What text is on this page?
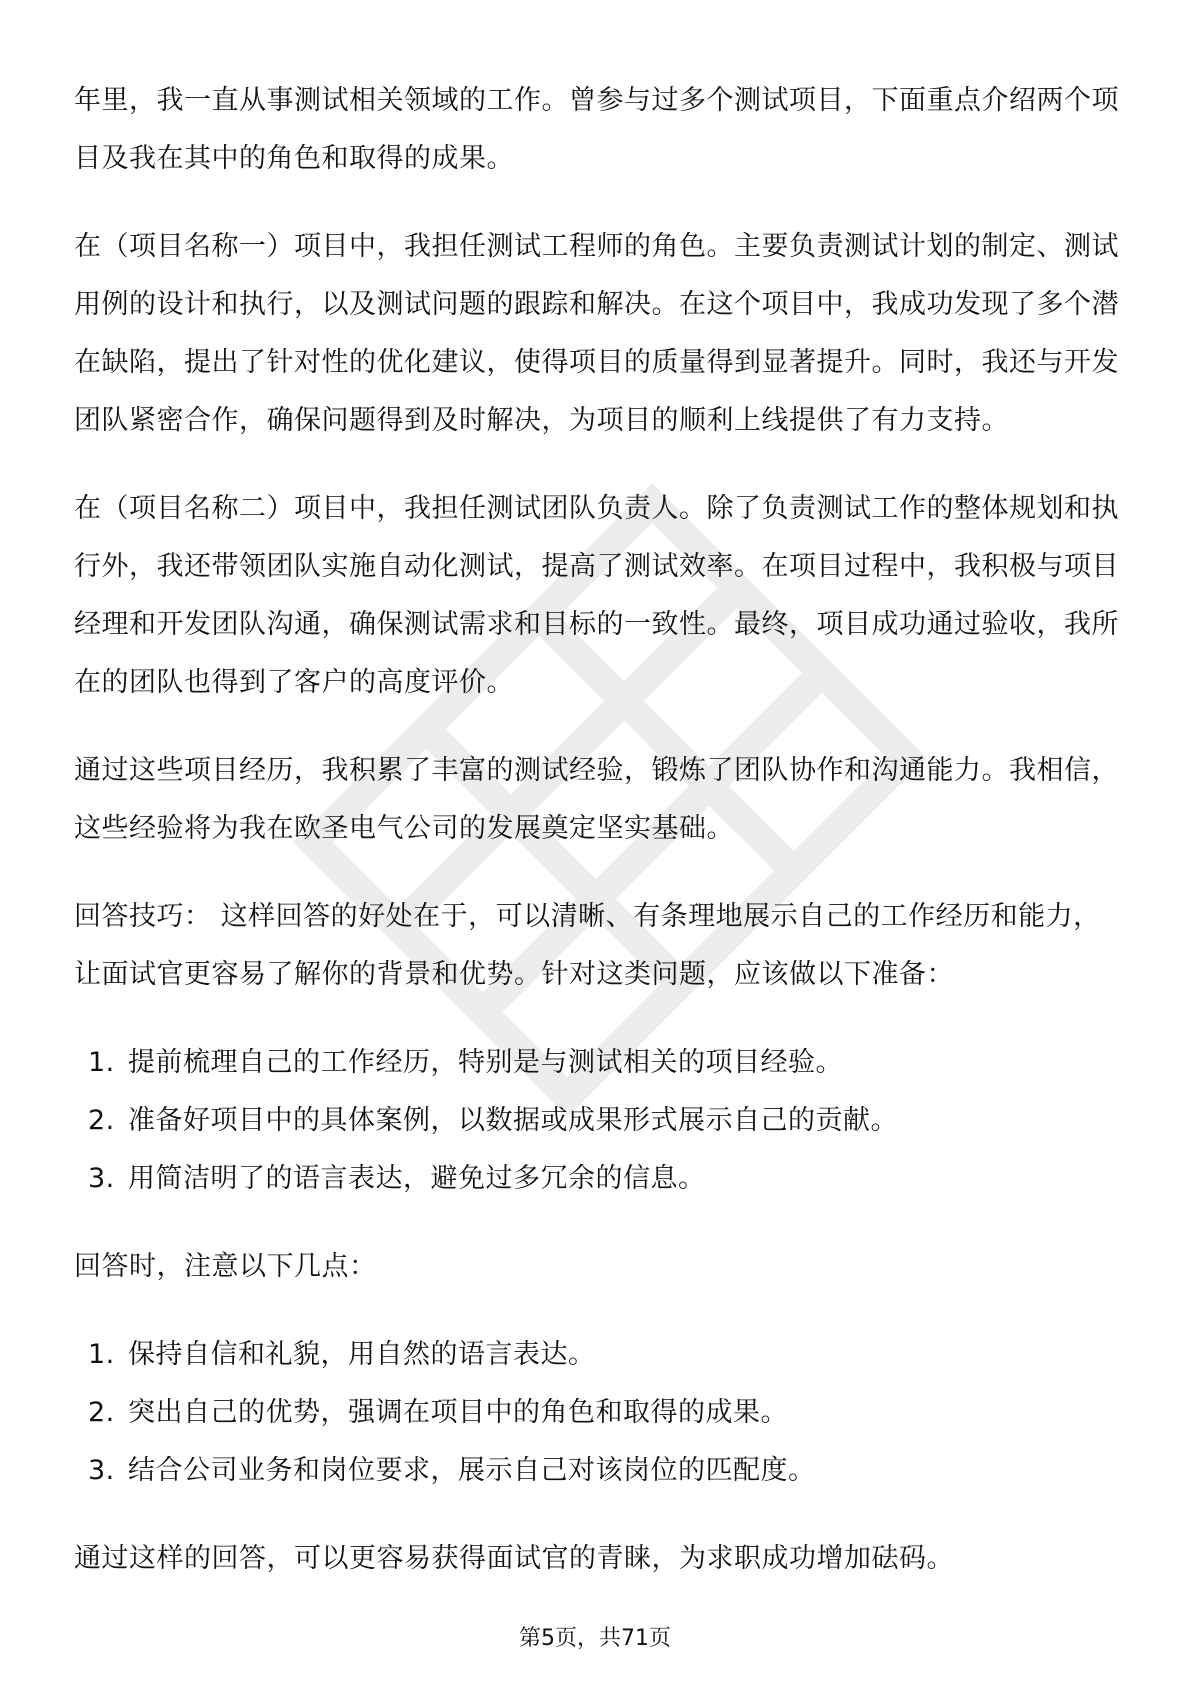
年里，我一直从事测试相关领域的工作。曾参与过多个测试项目，下面重点介绍两个项目及我在其中的角色和取得的成果。

在（项目名称一）项目中，我担任测试工程师的角色。主要负责测试计划的制定、测试用例的设计和执行，以及测试问题的跟踪和解决。在这个项目中，我成功发现了多个潜在缺陷，提出了针对性的优化建议，使得项目的质量得到显著提升。同时，我还与开发团队紧密合作，确保问题得到及时解决，为项目的顺利上线提供了有力支持。

在（项目名称二）项目中，我担任测试团队负责人。除了负责测试工作的整体规划和执行外，我还带领团队实施自动化测试，提高了测试效率。在项目过程中，我积极与项目经理和开发团队沟通，确保测试需求和目标的一致性。最终，项目成功通过验收，我所在的团队也得到了客户的高度评价。

通过这些项目经历，我积累了丰富的测试经验，锻炼了团队协作和沟通能力。我相信，这些经验将为我在欧圣电气公司的发展奠定坚实基础。

回答技巧： 这样回答的好处在于，可以清晰、有条理地展示自己的工作经历和能力，让面试官更容易了解你的背景和优势。针对这类问题，应该做以下准备：

1. 提前梳理自己的工作经历，特别是与测试相关的项目经验。
2. 准备好项目中的具体案例，以数据或成果形式展示自己的贡献。
3. 用简洁明了的语言表达，避免过多冗余的信息。

回答时，注意以下几点：

1. 保持自信和礼貌，用自然的语言表达。
2. 突出自己的优势，强调在项目中的角色和取得的成果。
3. 结合公司业务和岗位要求，展示自己对该岗位的匹配度。

通过这样的回答，可以更容易获得面试官的青睐，为求职成功增加砝码。

第5页，共71页
